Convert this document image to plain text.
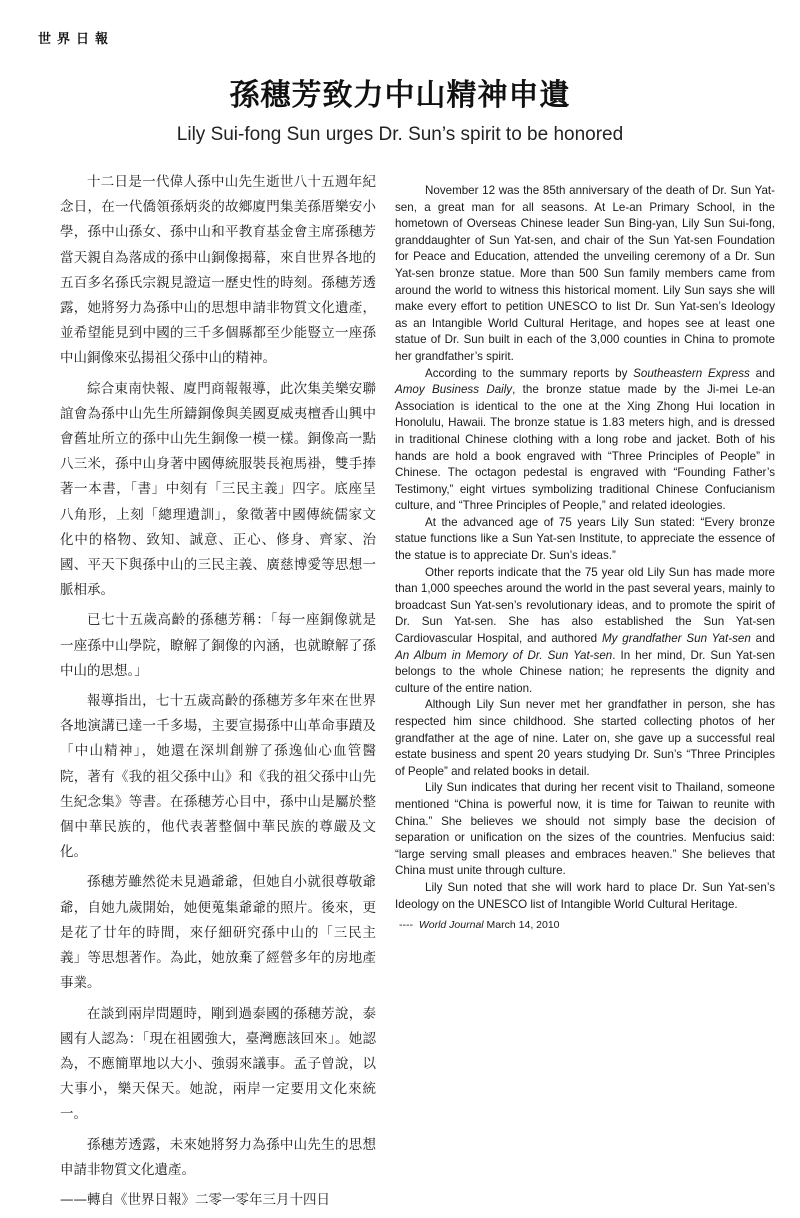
世界日報
孫穗芳致力中山精神申遺
Lily Sui-fong Sun urges Dr. Sun’s spirit to be honored

十二日是一代偉人孫中山先生逝世八十五週年紀念日，在一代僑領孫炳炎的故鄉廈門集美孫厝樂安小學，孫中山孫女、孫中山和平教育基金會主席孫穗芳當天親自為落成的孫中山銅像揭幕，來自世界各地的五百多名孫氏宗親見證這一歷史性的時刻。孫穗芳透露，她將努力為孫中山的思想申請非物質文化遺產，並希望能見到中國的三千多個縣都至少能豎立一座孫中山銅像來弘揚祖父孫中山的精神。

綜合東南快報、廈門商報報導，此次集美樂安聯誼會為孫中山先生所鑄銅像與美國夏威夷檀香山興中會舊址所立的孫中山先生銅像一模一樣。銅像高一點八三米，孫中山身著中國傳統服裝長袍馬褂，雙手捧著一本書，「書」中刻有「三民主義」四字。底座呈八角形，上刻「總理遺訓」，象徵著中國傳統儒家文化中的格物、致知、誠意、正心、修身、齊家、治國、平天下與孫中山的三民主義、廣慈博愛等思想一脈相承。

已七十五歲高齡的孫穗芳稱：「每一座銅像就是一座孫中山學院，瞭解了銅像的內涵，也就瞭解了孫中山的思想。」

報導指出，七十五歲高齡的孫穗芳多年來在世界各地演講已達一千多場，主要宣揚孫中山革命事蹟及「中山精神」，她還在深圳創辦了孫逸仙心血管醫院，著有《我的祖父孫中山》和《我的祖父孫中山先生紀念集》等書。在孫穗芳心目中，孫中山是屬於整個中華民族的，他代表著整個中華民族的尊嚴及文化。

孫穗芳雖然從未見過爺爺，但她自小就很尊敬爺爺，自她九歲開始，她便蒐集爺爺的照片。後來，更是花了廿年的時間，來仔細研究孫中山的「三民主義」等思想著作。為此，她放棄了經營多年的房地產事業。

在談到兩岸問題時，剛到過泰國的孫穗芳說，泰國有人認為：「現在祖國強大，臺灣應該回來」。她認為，不應簡單地以大小、強弱來議事。孟子曾說，以大事小，樂天保天。她說，兩岸一定要用文化來統一。

孫穗芳透露，未來她將努力為孫中山先生的思想申請非物質文化遺產。

——轉自《世界日報》二零一零年三月十四日

November 12 was the 85th anniversary of the death of Dr. Sun Yat-sen, a great man for all seasons. At Le-an Primary School, in the hometown of Overseas Chinese leader Sun Bing-yan, Lily Sun Sui-fong, granddaughter of Sun Yat-sen, and chair of the Sun Yat-sen Foundation for Peace and Education, attended the unveiling ceremony of a Dr. Sun Yat-sen bronze statue. More than 500 Sun family members came from around the world to witness this historical moment. Lily Sun says she will make every effort to petition UNESCO to list Dr. Sun Yat-sen’s Ideology as an Intangible World Cultural Heritage, and hopes see at least one statue of Dr. Sun built in each of the 3,000 counties in China to promote her grandfather’s spirit.

According to the summary reports by Southeastern Express and Amoy Business Daily, the bronze statue made by the Ji-mei Le-an Association is identical to the one at the Xing Zhong Hui location in Honolulu, Hawaii. The bronze statue is 1.83 meters high, and is dressed in traditional Chinese clothing with a long robe and jacket. Both of his hands are hold a book engraved with “Three Principles of People” in Chinese. The octagon pedestal is engraved with “Founding Father’s Testimony,” eight virtues symbolizing traditional Chinese Confucianism culture, and “Three Principles of People,” and related ideologies.

At the advanced age of 75 years Lily Sun stated: “Every bronze statue functions like a Sun Yat-sen Institute, to appreciate the essence of the statue is to appreciate Dr. Sun’s ideas.”

Other reports indicate that the 75 year old Lily Sun has made more than 1,000 speeches around the world in the past several years, mainly to broadcast Sun Yat-sen’s revolutionary ideas, and to promote the spirit of Dr. Sun Yat-sen. She has also established the Sun Yat-sen Cardiovascular Hospital, and authored My grandfather Sun Yat-sen and An Album in Memory of Dr. Sun Yat-sen. In her mind, Dr. Sun Yat-sen belongs to the whole Chinese nation; he represents the dignity and culture of the entire nation.

Although Lily Sun never met her grandfather in person, she has respected him since childhood. She started collecting photos of her grandfather at the age of nine. Later on, she gave up a successful real estate business and spent 20 years studying Dr. Sun’s “Three Principles of People” and related books in detail.

Lily Sun indicates that during her recent visit to Thailand, someone mentioned “China is powerful now, it is time for Taiwan to reunite with China.” She believes we should not simply base the decision of separation or unification on the sizes of the countries. Menfucius said: “large serving small pleases and embraces heaven.” She believes that China must unite through culture.

Lily Sun noted that she will work hard to place Dr. Sun Yat-sen’s Ideology on the UNESCO list of Intangible World Cultural Heritage.

---- World Journal March 14, 2010
